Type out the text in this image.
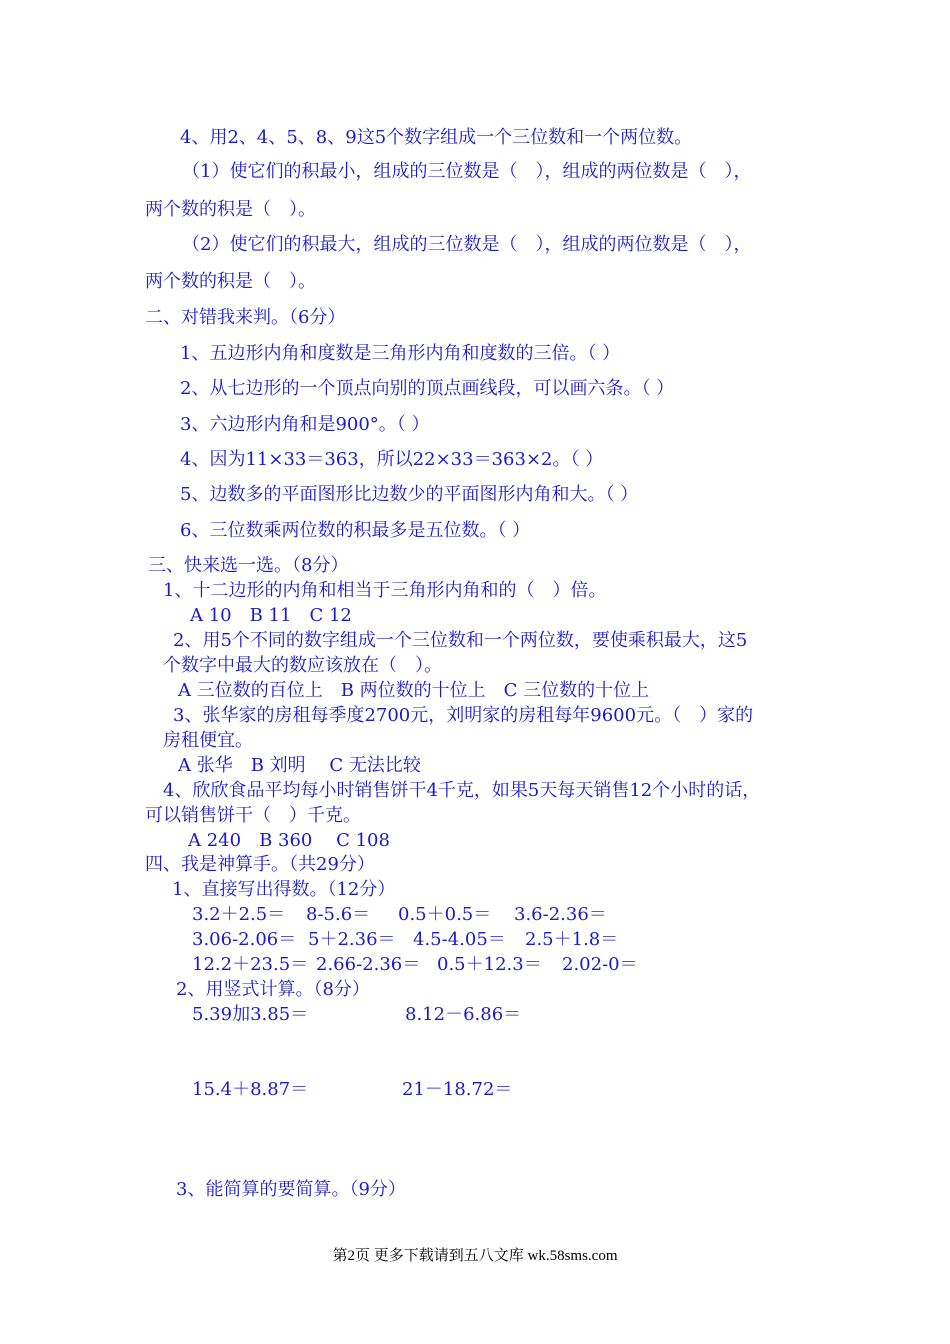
4、用2、4、5、8、9这5个数字组成一个三位数和一个两位数。
（1）使它们的积最小，组成的三位数是（　），组成的两位数是（　），
两个数的积是（　）。
（2）使它们的积最大，组成的三位数是（　），组成的两位数是（　），
两个数的积是（　）。
二、对错我来判。（6分）
1、五边形内角和度数是三角形内角和度数的三倍。（ ）
2、从七边形的一个顶点向别的顶点画线段，可以画六条。（ ）
3、六边形内角和是900°。（ ）
4、因为11×33＝363，所以22×33＝363×2。（ ）
5、边数多的平面图形比边数少的平面图形内角和大。（ ）
6、三位数乘两位数的积最多是五位数。（ ）
三、快来选一选。（8分）
1、十二边形的内角和相当于三角形内角和的（　）倍。
A 10　B 11　C 12
2、用5个不同的数字组成一个三位数和一个两位数，要使乘积最大，这5
个数字中最大的数应该放在（　）。
A 三位数的百位上　B 两位数的十位上　C 三位数的十位上
3、张华家的房租每季度2700元，刘明家的房租每年9600元。（　）家的
房租便宜。
A 张华　B 刘明　 C 无法比较
4、欣欣食品平均每小时销售饼干4千克，如果5天每天销售12个小时的话，
可以销售饼干（　）千克。
A 240　B 360　 C 108
四、我是神算手。（共29分）
1、直接写出得数。（12分）
3.2＋2.5＝ 8-5.6＝ 0.5＋0.5＝ 3.6-2.36＝
3.06-2.06＝ 5＋2.36＝ 4.5-4.05＝ 2.5＋1.8＝
12.2＋23.5＝ 2.66-2.36＝ 0.5＋12.3＝ 2.02-0＝
2、用竖式计算。（8分）
5.39加3.85＝	8.12－6.86＝
15.4＋8.87＝	21－18.72＝
3、能简算的要简算。（9分）
第2页 更多下载请到五八文库 wk.58sms.com
